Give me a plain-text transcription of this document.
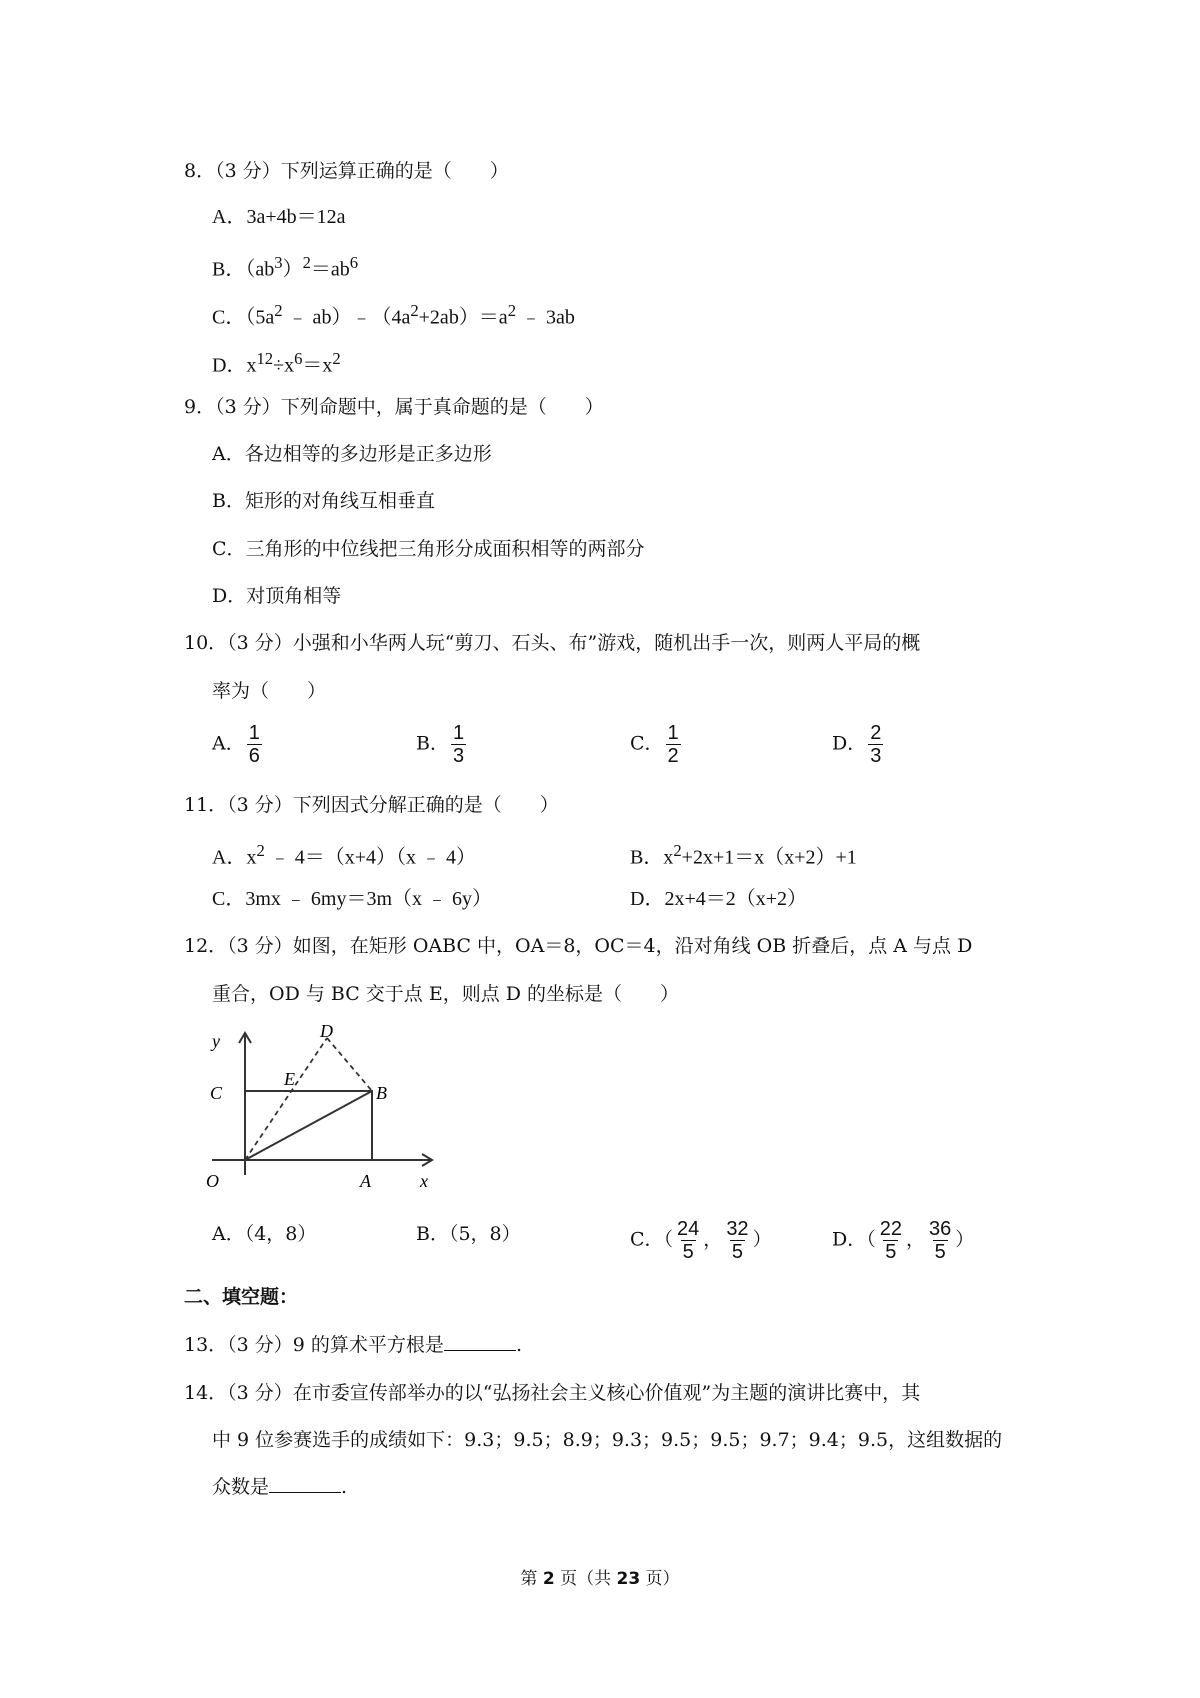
8．（3 分）下列运算正确的是（　　）
A．3a+4b＝12a
B．$(ab^3)^2=ab^6$
C．（$5a^2$ ﹣ $ab)﹣(4a^2+2ab)=a^2$ ﹣ 3ab
D．$x^{12}\div x^6=x^2$
9．（3 分）下列命题中，属于真命题的是（　　）
A．各边相等的多边形是正多边形
B．矩形的对角线互相垂直
C．三角形的中位线把三角形分成面积相等的两部分
D．对顶角相等
10．（3 分）小强和小华两人玩“剪刀、石头、布”游戏，随机出手一次，则两人平局的概
率为（　　）
A． $\frac{1}{6}$	B． $\frac{1}{3}$	C． $\frac{1}{2}$	D． $\frac{2}{3}$
11．（3 分）下列因式分解正确的是（　　）
A．$x^2$ ﹣ 4＝（x+4）（x ﹣ 4）	B．$x^2+2x+1=x(x+2)+1$
C．3mx ﹣ 6my＝3m（x ﹣ 6y）	D．2x+4＝2（x+2）
12．（3 分）如图，在矩形 OABC 中，OA＝8，OC＝4，沿对角线 OB 折叠后，点 A 与点 D
重合，OD 与 BC 交于点 E，则点 D 的坐标是（　　）
y
x
O	A
B
C
D
E
A．（4，8）	B．（5，8）	C．（ $\frac{24}{5}$ ， $\frac{32}{5}$ ）	D．（ $\frac{22}{5}$ ， $\frac{36}{5}$ ）
二、填空题：
13．（3 分）9 的算术平方根是	.
14．（3 分）在市委宣传部举办的以“弘扬社会主义核心价值观”为主题的演讲比赛中，其
中 9 位参赛选手的成绩如下：9.3；9.5；8.9；9.3；9.5；9.5；9.7；9.4；9.5，这组数据的
众数是	.
第 2 页（共 23 页）
